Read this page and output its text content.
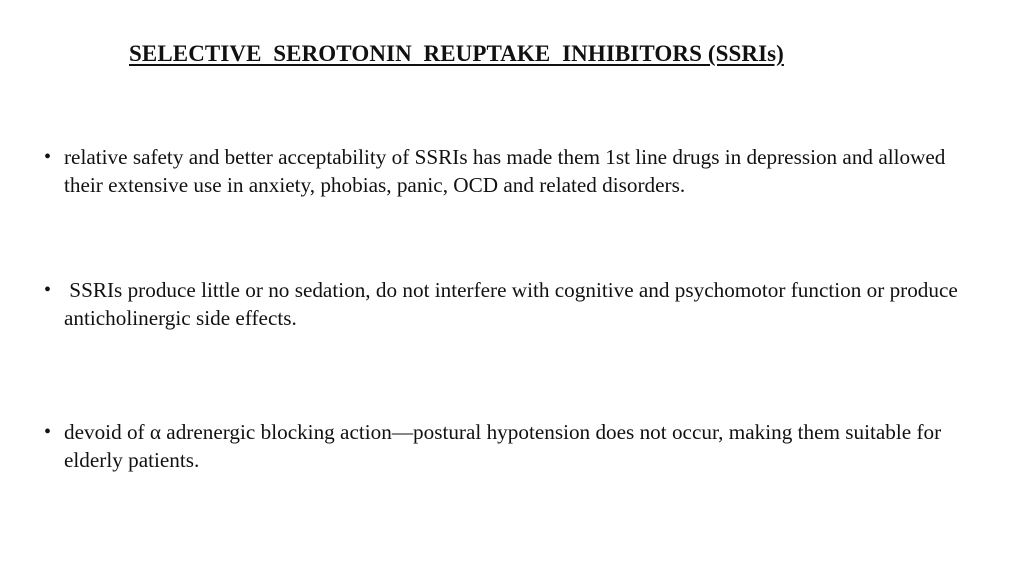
SELECTIVE  SEROTONIN  REUPTAKE  INHIBITORS (SSRIs)
• relative safety and better acceptability of SSRIs has made them 1st line drugs in depression and allowed their extensive use in anxiety, phobias, panic, OCD and related disorders.
• SSRIs produce little or no sedation, do not interfere with cognitive and psychomotor function or produce anticholinergic side effects.
• devoid of α adrenergic blocking action—postural hypotension does not occur, making them suitable for elderly patients.
